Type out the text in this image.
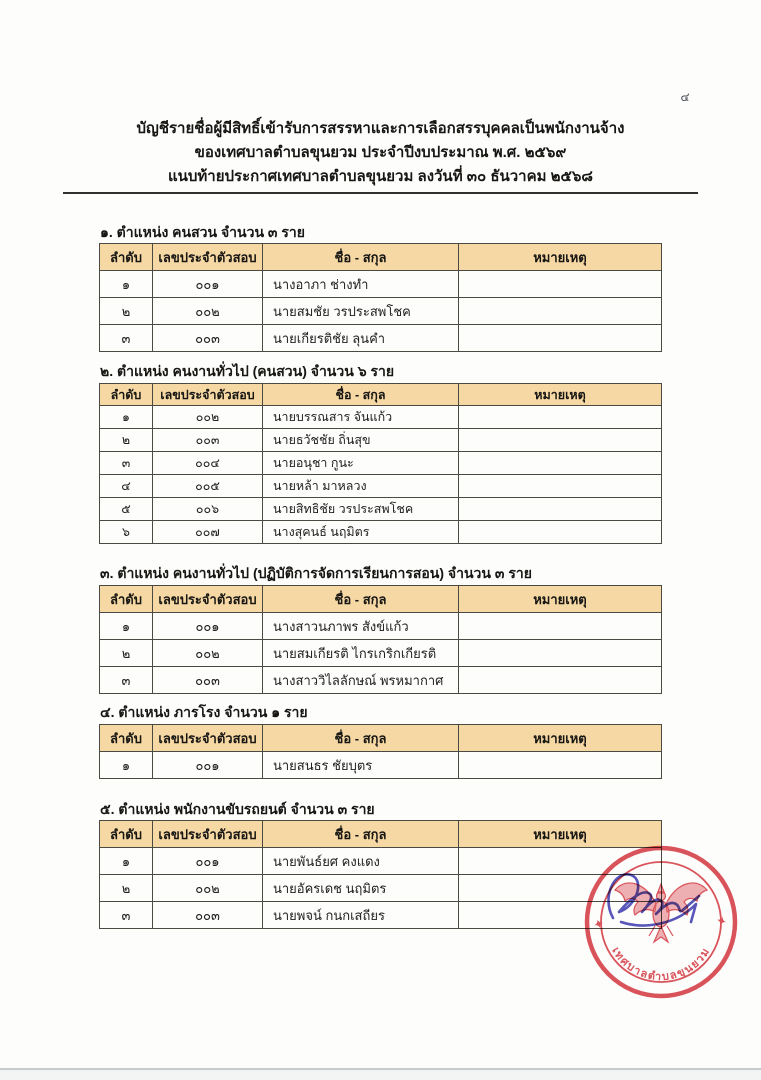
๔
บัญชีรายชื่อผู้มีสิทธิ์เข้ารับการสรรหาและการเลือกสรรบุคคลเป็นพนักงานจ้าง
ของเทศบาลตำบลขุนยวม ประจำปีงบประมาณ พ.ศ. ๒๕๖๙
แนบท้ายประกาศเทศบาลตำบลขุนยวม ลงวันที่ ๓๐ ธันวาคม ๒๕๖๘
๑. ตำแหน่ง คนสวน จำนวน ๓ ราย
ลำดับ	เลขประจำตัวสอบ	ชื่อ - สกุล	หมายเหตุ
๑	๐๐๑	นางอาภา ช่างทำ	
๒	๐๐๒	นายสมชัย วรประสพโชค	
๓	๐๐๓	นายเกียรติชัย ลุนคำ	
๒. ตำแหน่ง คนงานทั่วไป (คนสวน) จำนวน ๖ ราย
ลำดับ	เลขประจำตัวสอบ	ชื่อ - สกุล	หมายเหตุ
๑	๐๐๒	นายบรรณสาร จันแก้ว	
๒	๐๐๓	นายธวัชชัย ถิ่นสุข	
๓	๐๐๔	นายอนุชา กูนะ	
๔	๐๐๕	นายหล้า มาหลวง	
๕	๐๐๖	นายสิทธิชัย วรประสพโชค	
๖	๐๐๗	นางสุคนธ์ นฤมิตร	
๓. ตำแหน่ง คนงานทั่วไป (ปฏิบัติการจัดการเรียนการสอน) จำนวน ๓ ราย
ลำดับ	เลขประจำตัวสอบ	ชื่อ - สกุล	หมายเหตุ
๑	๐๐๑	นางสาวนภาพร สังข์แก้ว	
๒	๐๐๒	นายสมเกียรติ ไกรเกริกเกียรติ	
๓	๐๐๓	นางสาววิไลลักษณ์ พรหมากาศ	
๔. ตำแหน่ง ภารโรง จำนวน ๑ ราย
ลำดับ	เลขประจำตัวสอบ	ชื่อ - สกุล	หมายเหตุ
๑	๐๐๑	นายสนธร ชัยบุตร	
๕. ตำแหน่ง พนักงานขับรถยนต์ จำนวน ๓ ราย
ลำดับ	เลขประจำตัวสอบ	ชื่อ - สกุล	หมายเหตุ
๑	๐๐๑	นายพันธ์ยศ คงแดง	
๒	๐๐๒	นายอัครเดช นฤมิตร	
๓	๐๐๓	นายพจน์ กนกเสถียร	
✦	✦
เทศบาลตำบลขุนยวม
